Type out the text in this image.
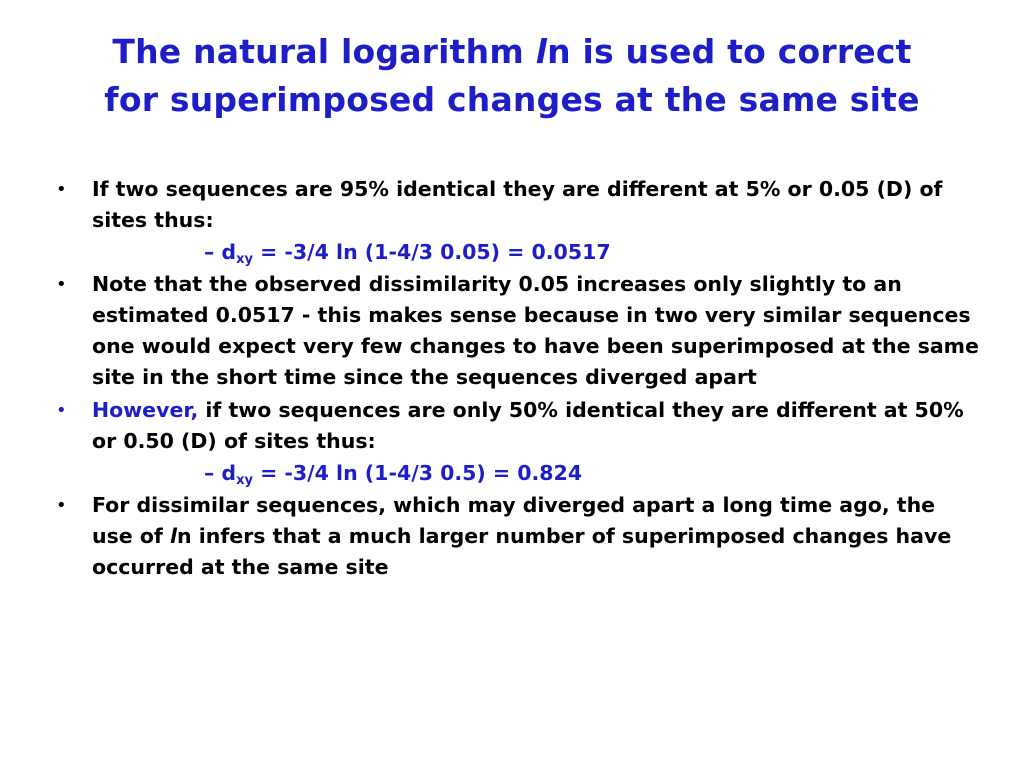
The natural logarithm ln is used to correct
for superimposed changes at the same site
• If two sequences are 95% identical they are different at 5% or 0.05 (D) of sites thus:
– $d_{xy} = -3/4$ ln (1-4/3 0.05) = 0.0517
• Note that the observed dissimilarity 0.05 increases only slightly to an estimated 0.0517 - this makes sense because in two very similar sequences one would expect very few changes to have been superimposed at the same site in the short time since the sequences diverged apart
• However, if two sequences are only 50% identical they are different at 50% or 0.50 (D) of sites thus:
– $d_{xy} = -3/4$ ln (1-4/3 0.5) = 0.824
• For dissimilar sequences, which may diverged apart a long time ago, the use of ln infers that a much larger number of superimposed changes have occurred at the same site
